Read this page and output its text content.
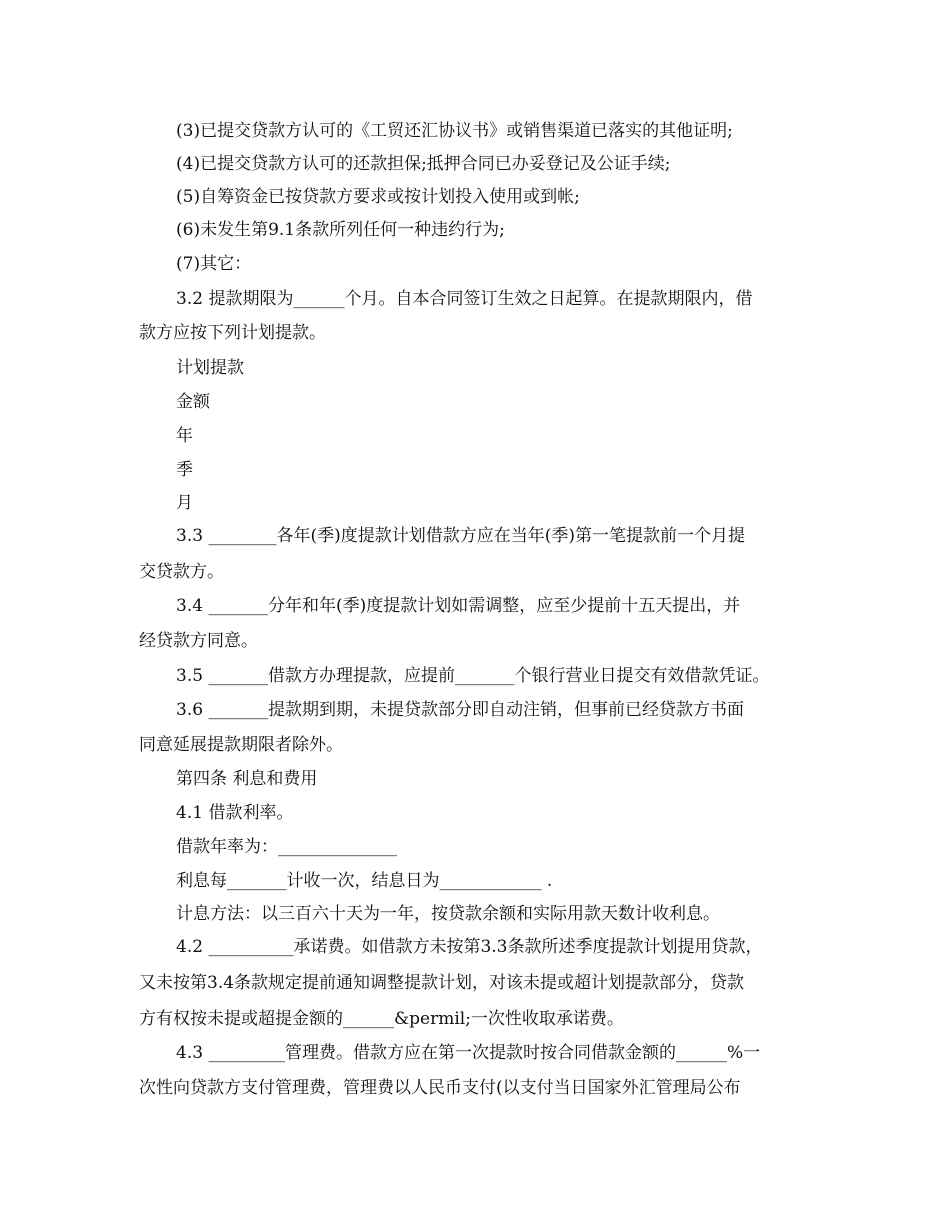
(3)已提交贷款方认可的《工贸还汇协议书》或销售渠道已落实的其他证明;
(4)已提交贷款方认可的还款担保;抵押合同已办妥登记及公证手续;
(5)自筹资金已按贷款方要求或按计划投入使用或到帐;
(6)未发生第9.1条款所列任何一种违约行为;
(7)其它：
3.2 提款期限为______个月。自本合同签订生效之日起算。在提款期限内，借
款方应按下列计划提款。
计划提款
金额
年
季
月
3.3 ________各年(季)度提款计划借款方应在当年(季)第一笔提款前一个月提
交贷款方。
3.4 _______分年和年(季)度提款计划如需调整，应至少提前十五天提出，并
经贷款方同意。
3.5 _______借款方办理提款，应提前_______个银行营业日提交有效借款凭证。
3.6 _______提款期到期，未提贷款部分即自动注销，但事前已经贷款方书面
同意延展提款期限者除外。
第四条 利息和费用
4.1 借款利率。
借款年率为：______________
利息每_______计收一次，结息日为____________ .
计息方法：以三百六十天为一年，按贷款余额和实际用款天数计收利息。
4.2 __________承诺费。如借款方未按第3.3条款所述季度提款计划提用贷款，
又未按第3.4条款规定提前通知调整提款计划，对该未提或超计划提款部分，贷款
方有权按未提或超提金额的______&permil;一次性收取承诺费。
4.3 _________管理费。借款方应在第一次提款时按合同借款金额的______%一
次性向贷款方支付管理费，管理费以人民币支付(以支付当日国家外汇管理局公布
